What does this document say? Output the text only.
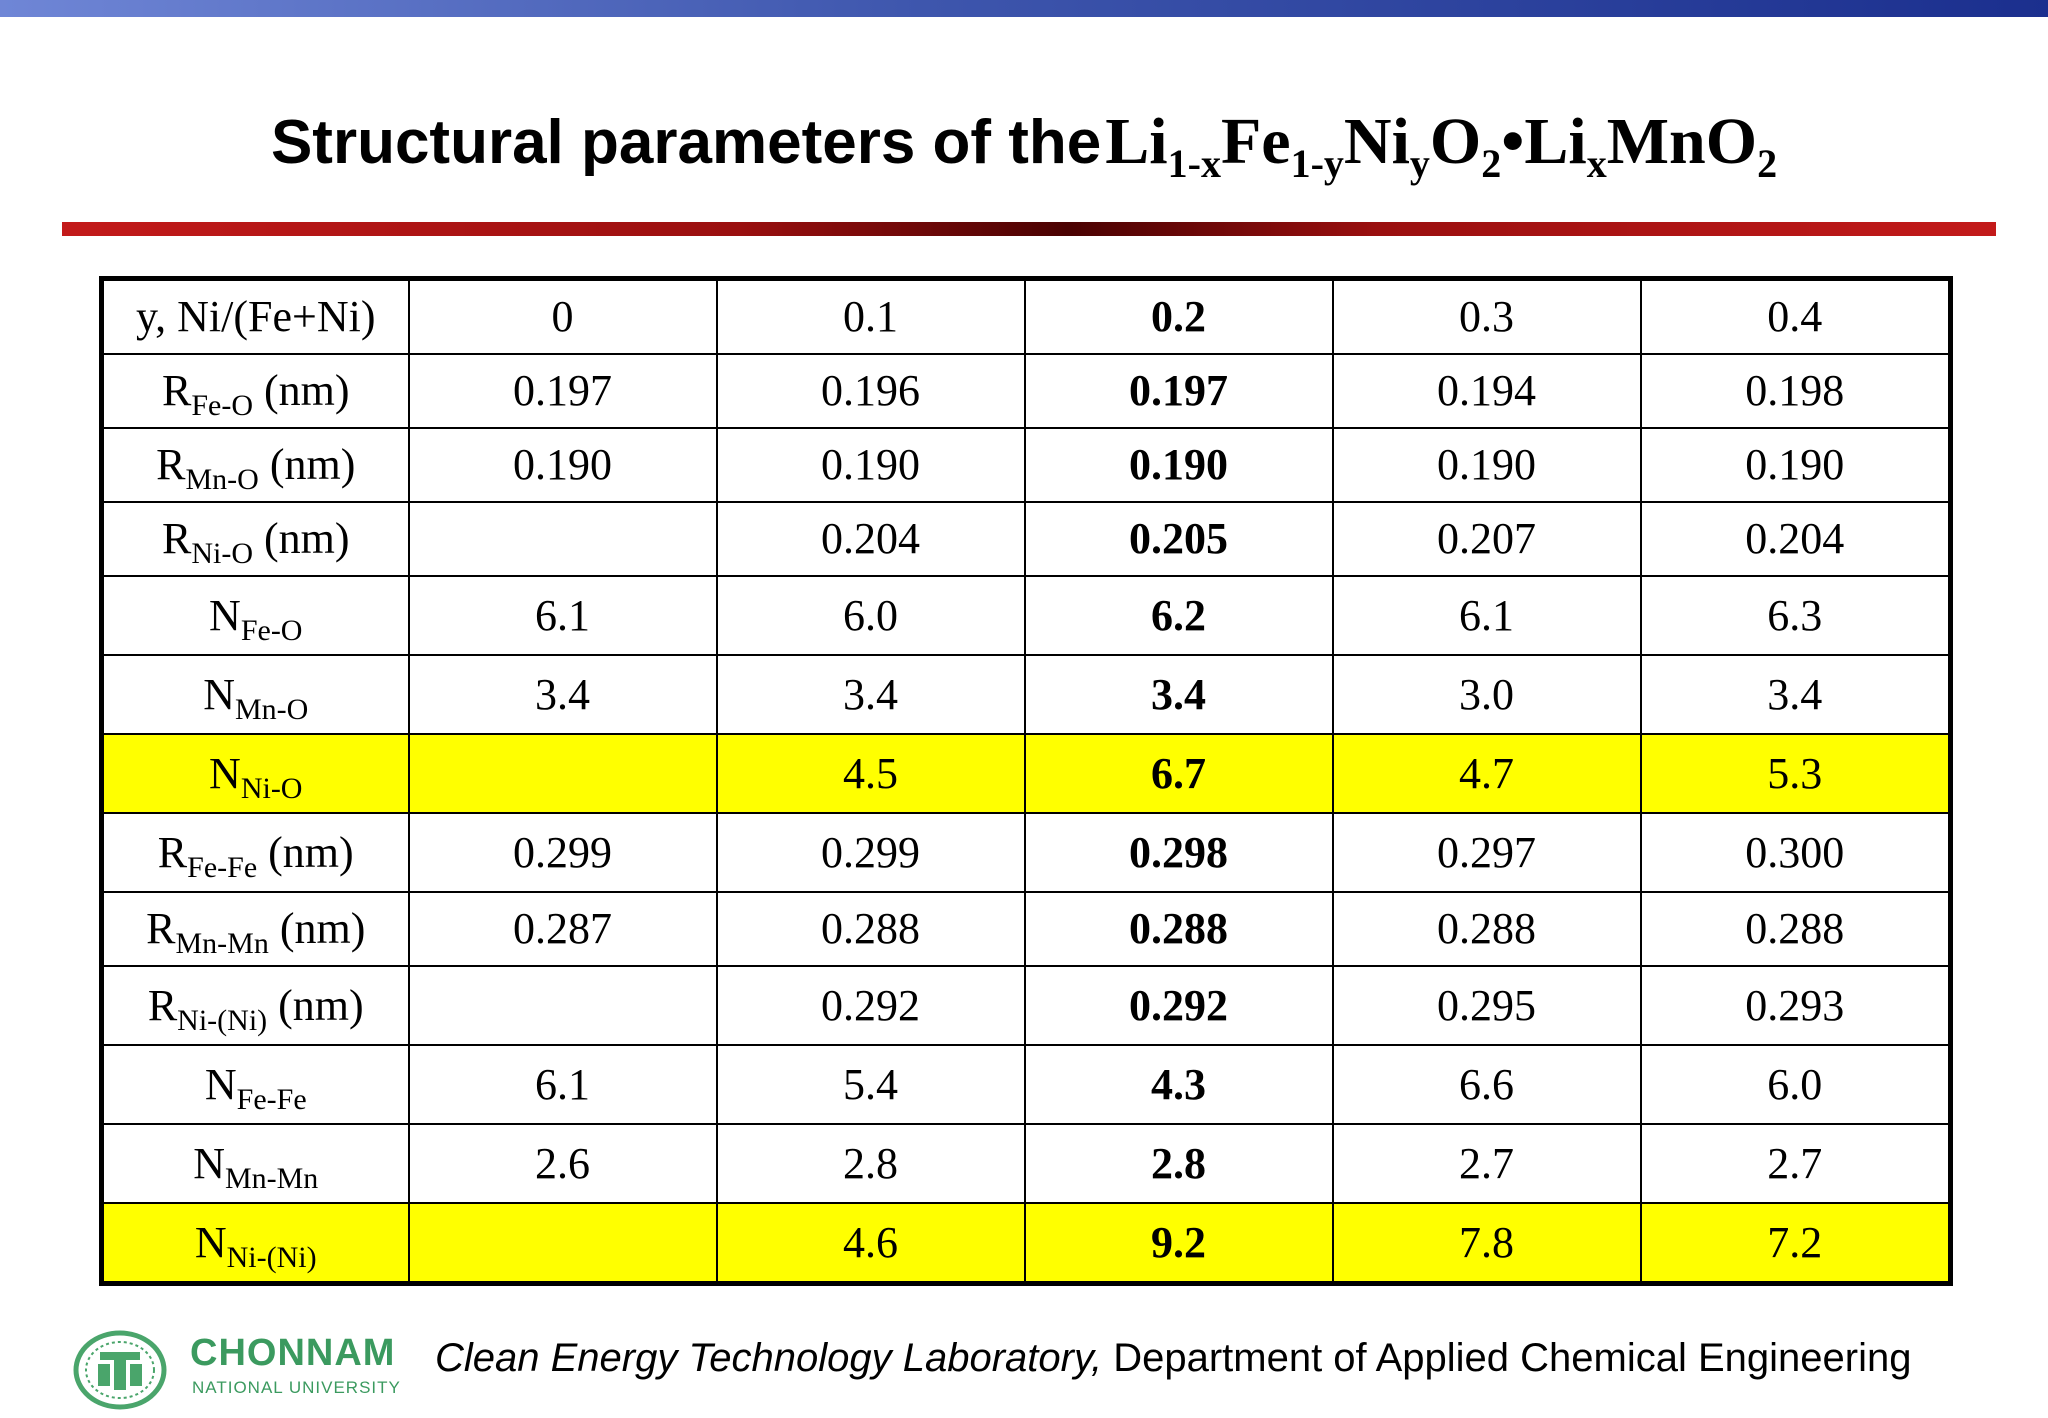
Structural parameters of the $Li_{1-x}Fe_{1-y}Ni_yO_2•Li_xMnO_2$
y, Ni/(Fe+Ni)	0	0.1	0.2	0.3	0.4
$R_{Fe-O}$ (nm)	0.197	0.196	0.197	0.194	0.198
$R_{Mn-O}$ (nm)	0.190	0.190	0.190	0.190	0.190
$R_{Ni-O}$ (nm)		0.204	0.205	0.207	0.204
$N_{Fe-O}$	6.1	6.0	6.2	6.1	6.3
$N_{Mn-O}$	3.4	3.4	3.4	3.0	3.4
$N_{Ni-O}$		4.5	6.7	4.7	5.3
$R_{Fe-Fe}$ (nm)	0.299	0.299	0.298	0.297	0.300
$R_{Mn-Mn}$ (nm)	0.287	0.288	0.288	0.288	0.288
$R_{Ni-(Ni)}$ (nm)		0.292	0.292	0.295	0.293
$N_{Fe-Fe}$	6.1	5.4	4.3	6.6	6.0
$N_{Mn-Mn}$	2.6	2.8	2.8	2.7	2.7
$N_{Ni-(Ni)}$		4.6	9.2	7.8	7.2
CHONNAM
NATIONAL UNIVERSITY
Clean Energy Technology Laboratory, Department of Applied Chemical Engineering
